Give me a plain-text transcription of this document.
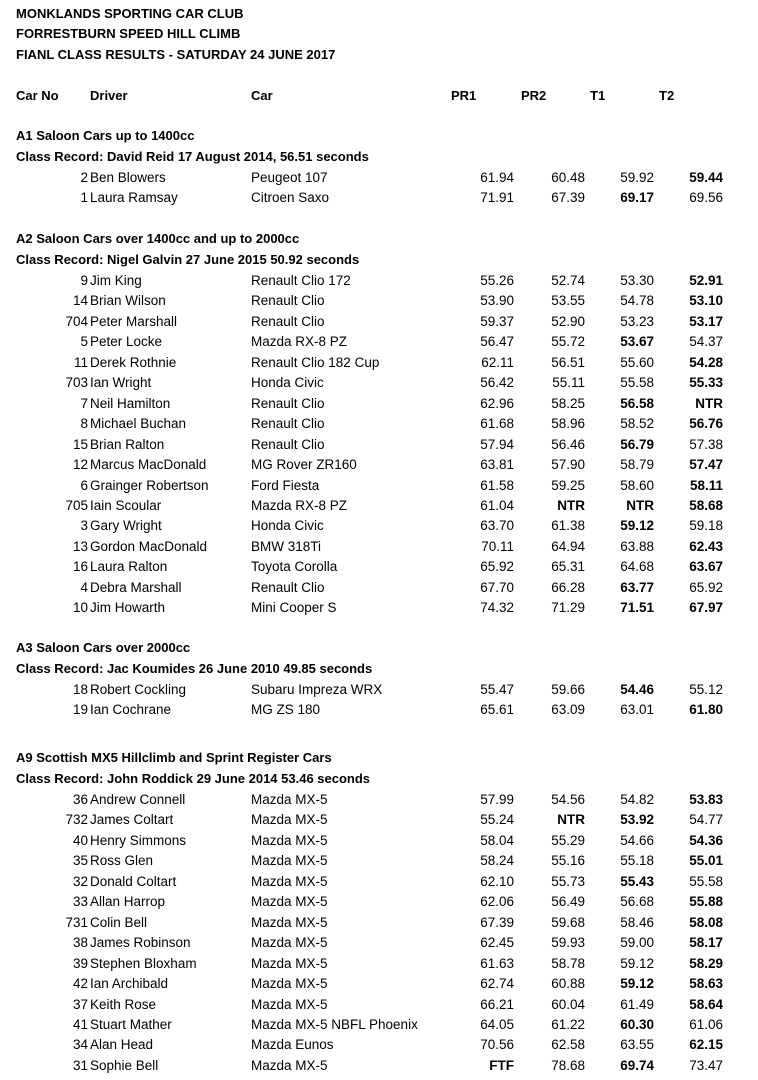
MONKLANDS SPORTING CAR CLUB
FORRESTBURN SPEED HILL CLIMB
FIANL CLASS RESULTS - SATURDAY 24 JUNE 2017
Car No Driver	Car	PR1	PR2	T1	T2
A1 Saloon Cars up to 1400cc
Class Record: David Reid 17 August 2014, 56.51 seconds
2 Ben Blowers	Peugeot 107	61.94	60.48	59.92	59.44
1 Laura Ramsay	Citroen Saxo	71.91	67.39	69.17	69.56
A2 Saloon Cars over 1400cc and up to 2000cc
Class Record: Nigel Galvin 27 June 2015 50.92 seconds
9 Jim King	Renault Clio 172	55.26	52.74	53.30	52.91
14 Brian Wilson	Renault Clio	53.90	53.55	54.78	53.10
704 Peter Marshall	Renault Clio	59.37	52.90	53.23	53.17
5 Peter Locke	Mazda RX-8 PZ	56.47	55.72	53.67	54.37
11 Derek Rothnie	Renault Clio 182 Cup	62.11	56.51	55.60	54.28
703 Ian Wright	Honda Civic	56.42	55.11	55.58	55.33
7 Neil Hamilton	Renault Clio	62.96	58.25	56.58	NTR
8 Michael Buchan	Renault Clio	61.68	58.96	58.52	56.76
15 Brian Ralton	Renault Clio	57.94	56.46	56.79	57.38
12 Marcus MacDonald	MG Rover ZR160	63.81	57.90	58.79	57.47
6 Grainger Robertson	Ford Fiesta	61.58	59.25	58.60	58.11
705 Iain Scoular	Mazda RX-8 PZ	61.04	NTR	NTR	58.68
3 Gary Wright	Honda Civic	63.70	61.38	59.12	59.18
13 Gordon MacDonald	BMW 318Ti	70.11	64.94	63.88	62.43
16 Laura Ralton	Toyota Corolla	65.92	65.31	64.68	63.67
4 Debra Marshall	Renault Clio	67.70	66.28	63.77	65.92
10 Jim Howarth	Mini Cooper S	74.32	71.29	71.51	67.97
A3 Saloon Cars over 2000cc
Class Record: Jac Koumides 26 June 2010 49.85 seconds
18 Robert Cockling	Subaru Impreza WRX	55.47	59.66	54.46	55.12
19 Ian Cochrane	MG ZS 180	65.61	63.09	63.01	61.80
A9 Scottish MX5 Hillclimb and Sprint Register Cars
Class Record: John Roddick 29 June 2014 53.46 seconds
36 Andrew Connell	Mazda MX-5	57.99	54.56	54.82	53.83
732 James Coltart	Mazda MX-5	55.24	NTR	53.92	54.77
40 Henry Simmons	Mazda MX-5	58.04	55.29	54.66	54.36
35 Ross Glen	Mazda MX-5	58.24	55.16	55.18	55.01
32 Donald Coltart	Mazda MX-5	62.10	55.73	55.43	55.58
33 Allan Harrop	Mazda MX-5	62.06	56.49	56.68	55.88
731 Colin Bell	Mazda MX-5	67.39	59.68	58.46	58.08
38 James Robinson	Mazda MX-5	62.45	59.93	59.00	58.17
39 Stephen Bloxham	Mazda MX-5	61.63	58.78	59.12	58.29
42 Ian Archibald	Mazda MX-5	62.74	60.88	59.12	58.63
37 Keith Rose	Mazda MX-5	66.21	60.04	61.49	58.64
41 Stuart Mather	Mazda MX-5 NBFL Phoenix	64.05	61.22	60.30	61.06
34 Alan Head	Mazda Eunos	70.56	62.58	63.55	62.15
31 Sophie Bell	Mazda MX-5	FTF	78.68	69.74	73.47
